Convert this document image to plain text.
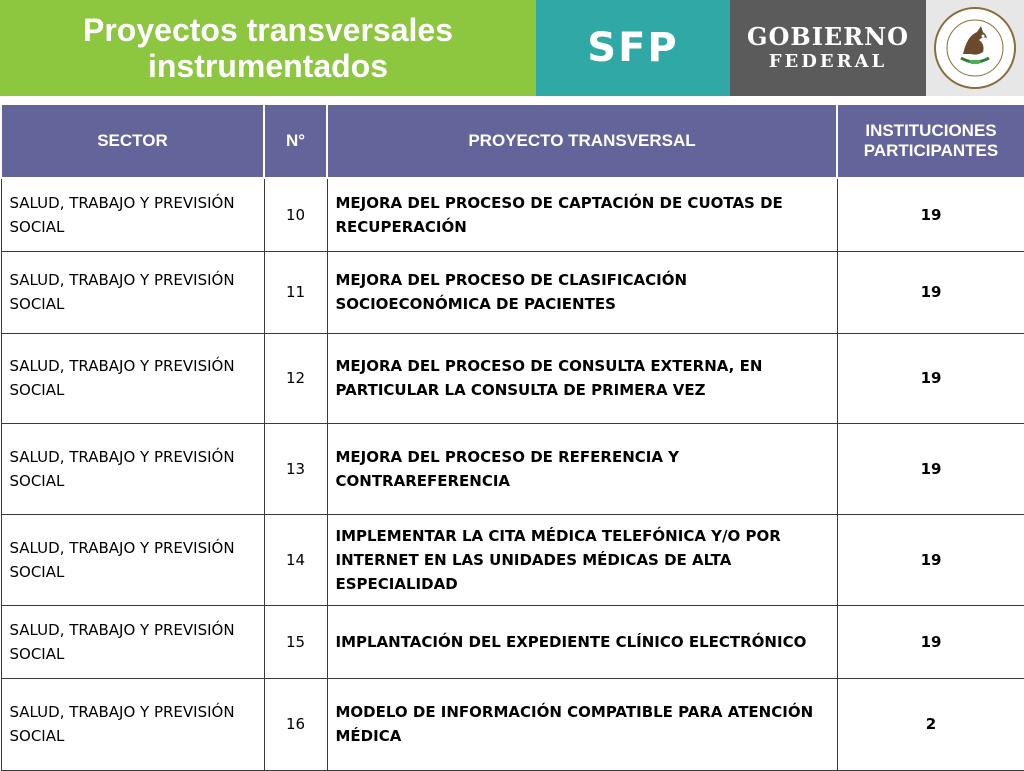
Proyectos transversales
instrumentados	SFP	GOBIERNO
FEDERAL
SECTOR	N°	PROYECTO TRANSVERSAL	INSTITUCIONES PARTICIPANTES
SALUD, TRABAJO Y PREVISIÓN SOCIAL	10	MEJORA DEL PROCESO DE CAPTACIÓN DE CUOTAS DE RECUPERACIÓN	19
SALUD, TRABAJO Y PREVISIÓN SOCIAL	11	MEJORA DEL PROCESO DE CLASIFICACIÓN SOCIOECONÓMICA DE PACIENTES	19
SALUD, TRABAJO Y PREVISIÓN SOCIAL	12	MEJORA DEL PROCESO DE CONSULTA EXTERNA, EN PARTICULAR LA CONSULTA DE PRIMERA VEZ	19
SALUD, TRABAJO Y PREVISIÓN SOCIAL	13	MEJORA DEL PROCESO DE REFERENCIA Y CONTRAREFERENCIA	19
SALUD, TRABAJO Y PREVISIÓN SOCIAL	14	IMPLEMENTAR LA CITA MÉDICA TELEFÓNICA Y/O POR INTERNET EN LAS UNIDADES MÉDICAS DE ALTA ESPECIALIDAD	19
SALUD, TRABAJO Y PREVISIÓN SOCIAL	15	IMPLANTACIÓN DEL EXPEDIENTE CLÍNICO ELECTRÓNICO	19
SALUD, TRABAJO Y PREVISIÓN SOCIAL	16	MODELO DE INFORMACIÓN COMPATIBLE PARA ATENCIÓN MÉDICA	2
